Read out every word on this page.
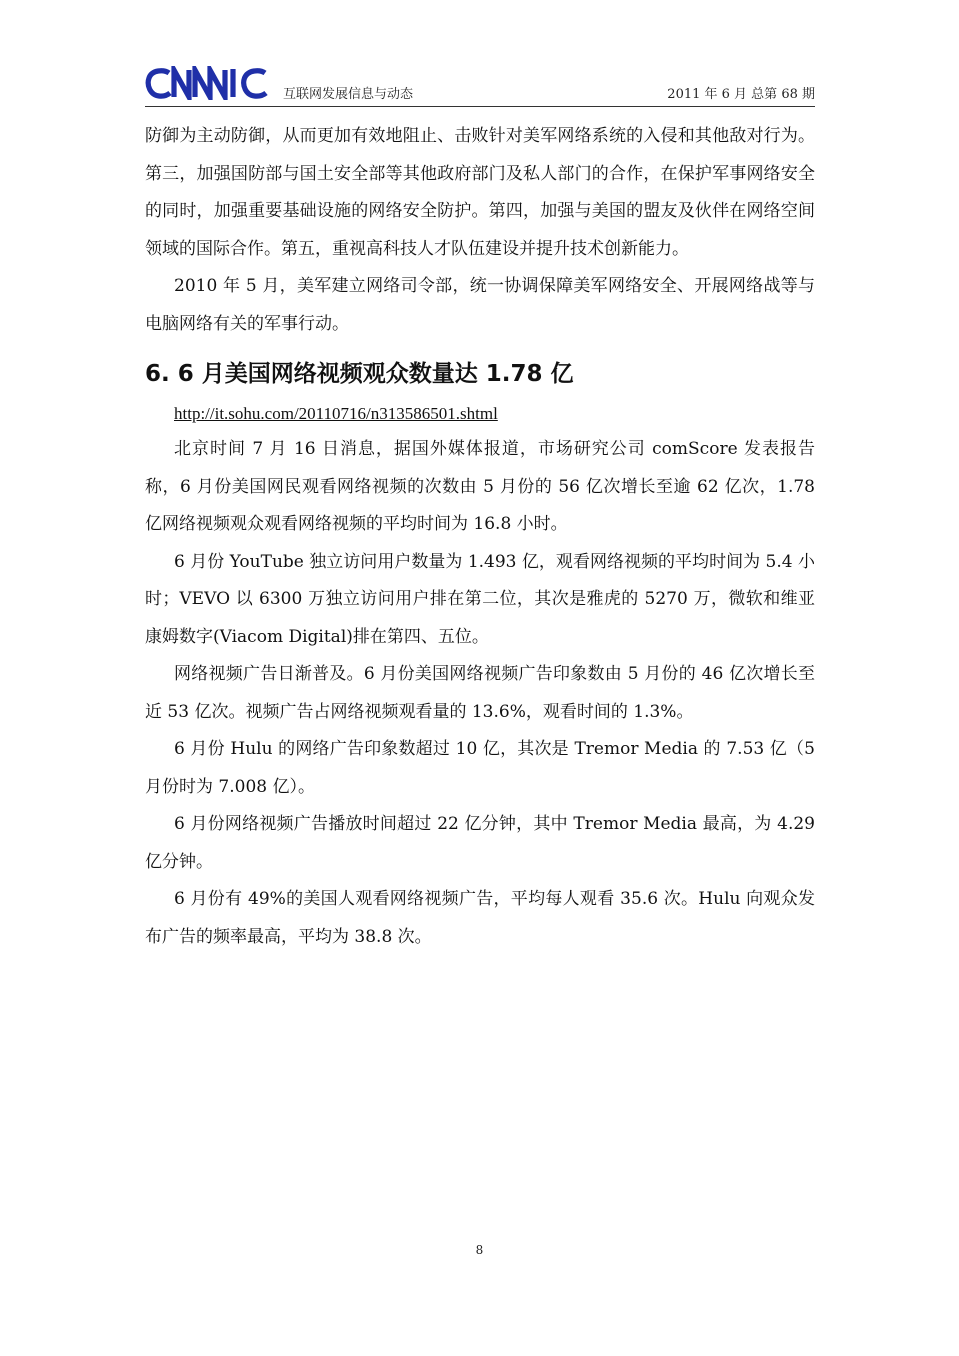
互联网发展信息与动态	2011 年 6 月 总第 68 期

防御为主动防御，从而更加有效地阻止、击败针对美军网络系统的入侵和其他敌对行为。第三，加强国防部与国土安全部等其他政府部门及私人部门的合作，在保护军事网络安全的同时，加强重要基础设施的网络安全防护。第四，加强与美国的盟友及伙伴在网络空间领域的国际合作。第五，重视高科技人才队伍建设并提升技术创新能力。

2010 年 5 月，美军建立网络司令部，统一协调保障美军网络安全、开展网络战等与电脑网络有关的军事行动。

6. 6 月美国网络视频观众数量达 1.78 亿
http://it.sohu.com/20110716/n313586501.shtml

北京时间 7 月 16 日消息，据国外媒体报道，市场研究公司 comScore 发表报告称，6 月份美国网民观看网络视频的次数由 5 月份的 56 亿次增长至逾 62 亿次，1.78 亿网络视频观众观看网络视频的平均时间为 16.8 小时。

6 月份 YouTube 独立访问用户数量为 1.493 亿，观看网络视频的平均时间为 5.4 小时；VEVO 以 6300 万独立访问用户排在第二位，其次是雅虎的 5270 万，微软和维亚康姆数字(Viacom Digital)排在第四、五位。

网络视频广告日渐普及。6 月份美国网络视频广告印象数由 5 月份的 46 亿次增长至近 53 亿次。视频广告占网络视频观看量的 13.6%，观看时间的 1.3%。

6 月份 Hulu 的网络广告印象数超过 10 亿，其次是 Tremor Media 的 7.53 亿（5 月份时为 7.008 亿）。

6 月份网络视频广告播放时间超过 22 亿分钟，其中 Tremor Media 最高，为 4.29 亿分钟。

6 月份有 49%的美国人观看网络视频广告，平均每人观看 35.6 次。Hulu 向观众发布广告的频率最高，平均为 38.8 次。

8
